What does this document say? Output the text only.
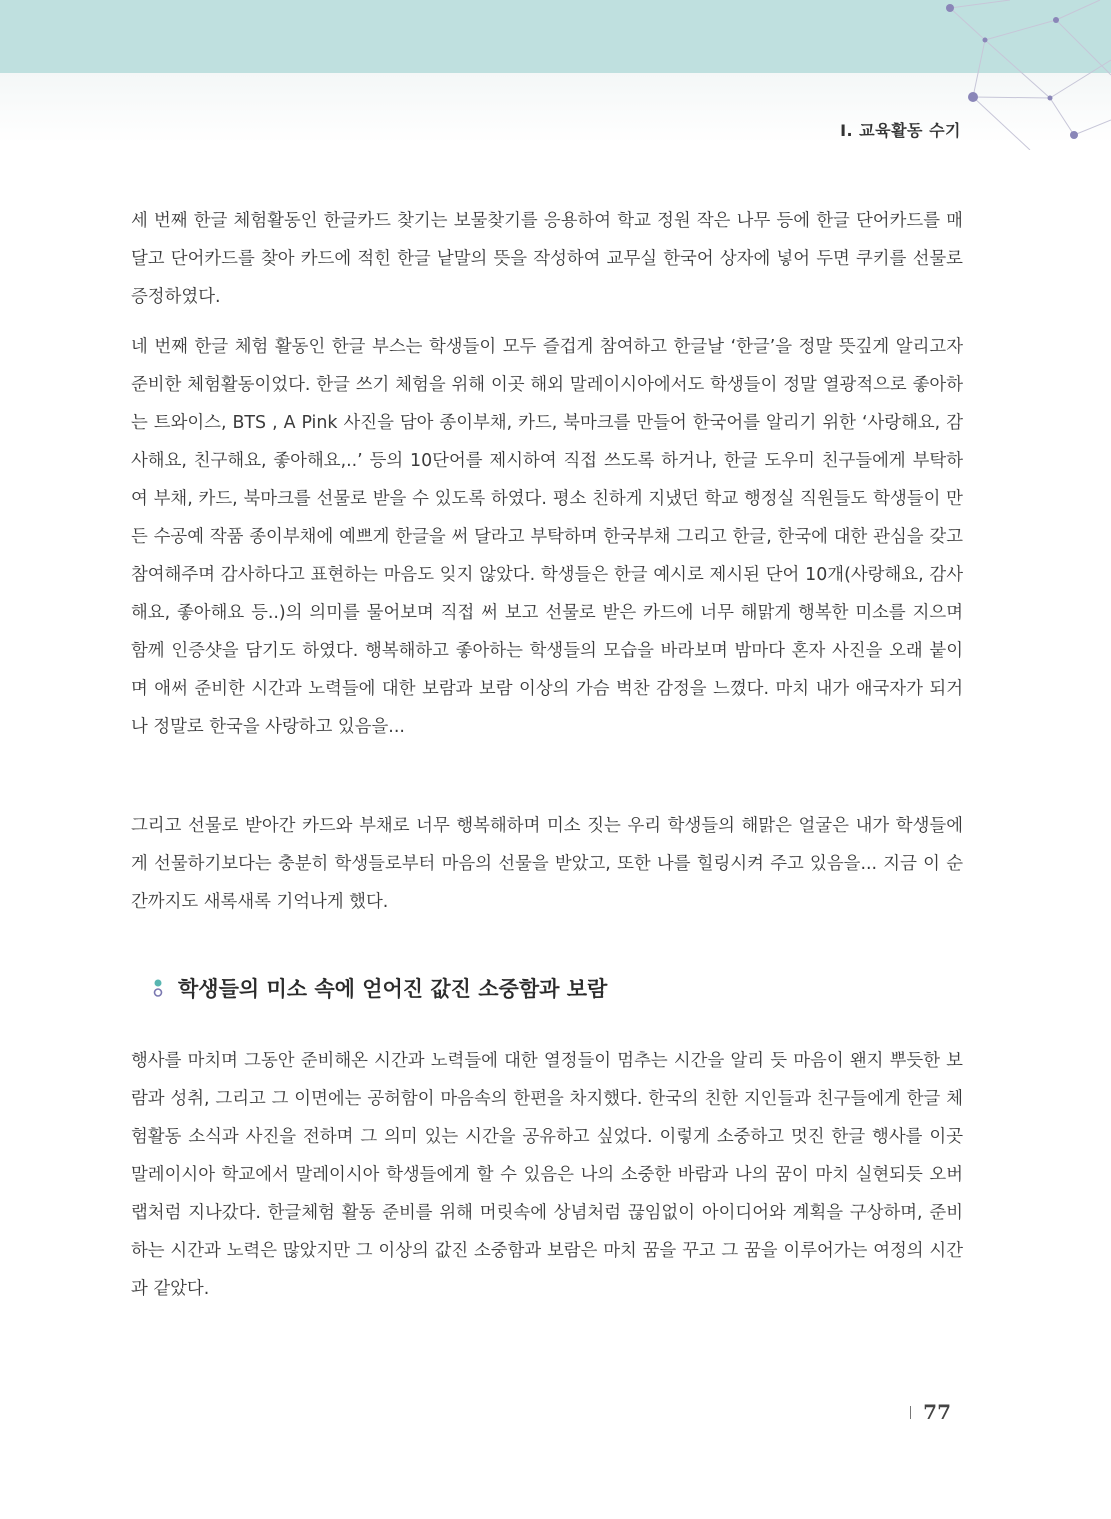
Ⅰ. 교육활동 수기

세 번째 한글 체험활동인 한글카드 찾기는 보물찾기를 응용하여 학교 정원 작은 나무 등에 한글 단어카드를 매달고 단어카드를 찾아 카드에 적힌 한글 낱말의 뜻을 작성하여 교무실 한국어 상자에 넣어 두면 쿠키를 선물로 증정하였다.

네 번째 한글 체험 활동인 한글 부스는 학생들이 모두 즐겁게 참여하고 한글날 ‘한글’을 정말 뜻깊게 알리고자 준비한 체험활동이었다. 한글 쓰기 체험을 위해 이곳 해외 말레이시아에서도 학생들이 정말 열광적으로 좋아하는 트와이스, BTS , A Pink 사진을 담아 종이부채, 카드, 북마크를 만들어 한국어를 알리기 위한 ‘사랑해요, 감사해요, 친구해요, 좋아해요,..’ 등의 10단어를 제시하여 직접 쓰도록 하거나, 한글 도우미 친구들에게 부탁하여 부채, 카드, 북마크를 선물로 받을 수 있도록 하였다. 평소 친하게 지냈던 학교 행정실 직원들도 학생들이 만든 수공예 작품 종이부채에 예쁘게 한글을 써 달라고 부탁하며 한국부채 그리고 한글, 한국에 대한 관심을 갖고 참여해주며 감사하다고 표현하는 마음도 잊지 않았다. 학생들은 한글 예시로 제시된 단어 10개(사랑해요, 감사해요, 좋아해요 등..)의 의미를 물어보며 직접 써 보고 선물로 받은 카드에 너무 해맑게 행복한 미소를 지으며 함께 인증샷을 담기도 하였다. 행복해하고 좋아하는 학생들의 모습을 바라보며 밤마다 혼자 사진을 오래 붙이며 애써 준비한 시간과 노력들에 대한 보람과 보람 이상의 가슴 벅찬 감정을 느꼈다. 마치 내가 애국자가 되거나 정말로 한국을 사랑하고 있음을...

그리고 선물로 받아간 카드와 부채로 너무 행복해하며 미소 짓는 우리 학생들의 해맑은 얼굴은 내가 학생들에게 선물하기보다는 충분히 학생들로부터 마음의 선물을 받았고, 또한 나를 힐링시켜 주고 있음을... 지금 이 순간까지도 새록새록 기억나게 했다.

학생들의 미소 속에 얻어진 값진 소중함과 보람

행사를 마치며 그동안 준비해온 시간과 노력들에 대한 열정들이 멈추는 시간을 알리 듯 마음이 왠지 뿌듯한 보람과 성취, 그리고 그 이면에는 공허함이 마음속의 한편을 차지했다. 한국의 친한 지인들과 친구들에게 한글 체험활동 소식과 사진을 전하며 그 의미 있는 시간을 공유하고 싶었다. 이렇게 소중하고 멋진 한글 행사를 이곳 말레이시아 학교에서 말레이시아 학생들에게 할 수 있음은 나의 소중한 바람과 나의 꿈이 마치 실현되듯 오버랩처럼 지나갔다. 한글체험 활동 준비를 위해 머릿속에 상념처럼 끊임없이 아이디어와 계획을 구상하며, 준비하는 시간과 노력은 많았지만 그 이상의 값진 소중함과 보람은 마치 꿈을 꾸고 그 꿈을 이루어가는 여정의 시간과 같았다.

77
